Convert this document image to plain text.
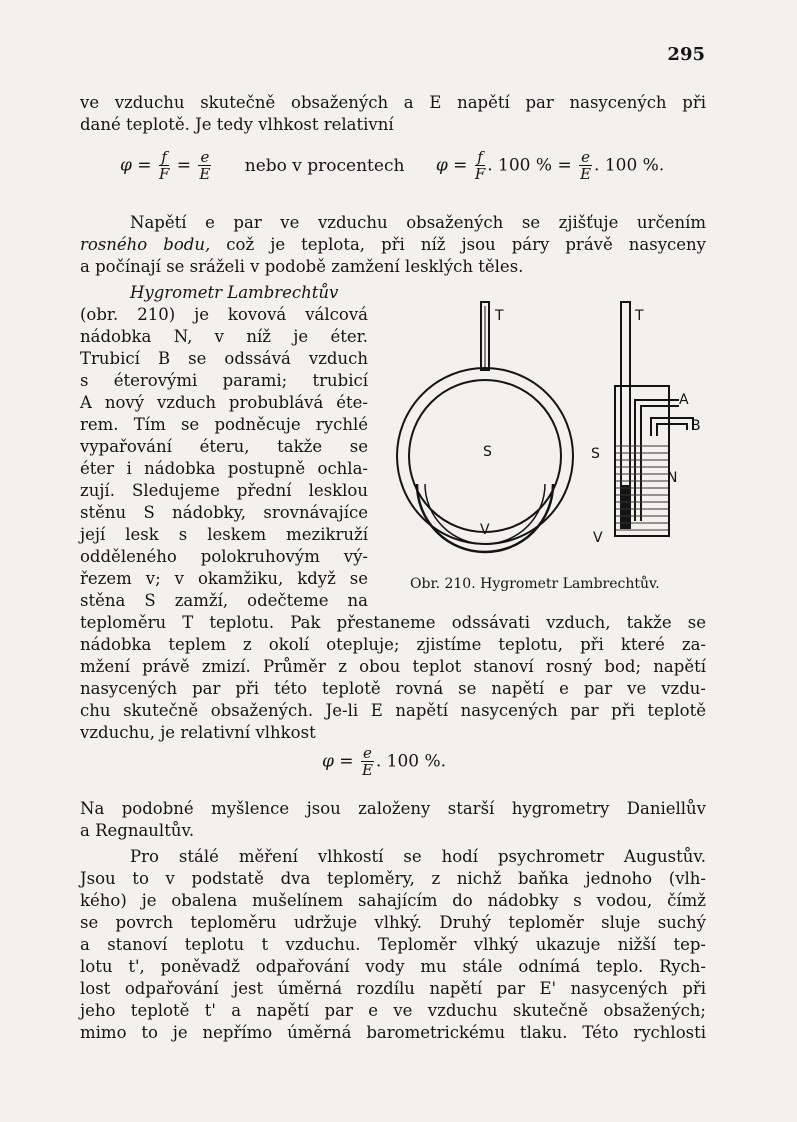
295
ve vzduchu skutečně obsažených a E napětí par nasycených při
dané teplotě. Je tedy vlhkost relativní
$\varphi = \frac{f}{F} = \frac{e}{E}$ nebo v procentech $\varphi = \frac{f}{F}$ . 100 % = $\frac{e}{E}$ . 100 %.
Napětí e par ve vzduchu obsažených se zjišťuje určením
rosného bodu, což je teplota, při níž jsou páry právě nasyceny
a počínají se sráželi v podobě zamžení lesklých těles.
Hygrometr Lambrechtův
(obr. 210) je kovová válcová
nádobka N, v níž je éter.
Trubicí B se odssává vzduch
s éterovými parami; trubicí
A nový vzduch probublává éte-
rem. Tím se podněcuje rychlé
vypařování éteru, takže se
éter i nádobka postupně ochla-
zují. Sledujeme přední lesklou
stěnu S nádobky, srovnávajíce
její lesk s leskem mezikruží
odděleného polokruhovým vý-
řezem v; v okamžiku, když se
stěna S zamží, odečteme na
T	T
S	S
V	V
A
B
N
Obr. 210. Hygrometr Lambrechtův.
teploměru T teplotu. Pak přestaneme odssávati vzduch, takže se
nádobka teplem z okolí otepluje; zjistíme teplotu, při které za-
mžení právě zmizí. Průměr z obou teplot stanoví rosný bod; napětí
nasycených par při této teplotě rovná se napětí e par ve vzdu-
chu skutečně obsažených. Je-li E napětí nasycených par při teplotě
vzduchu, je relativní vlhkost
$\varphi = \frac{e}{E}$ . 100 %.
Na podobné myšlence jsou založeny starší hygrometry Daniellův
a Regnaultův.
Pro stálé měření vlhkostí se hodí psychrometr Augustův.
Jsou to v podstatě dva teploměry, z nichž baňka jednoho (vlh-
kého) je obalena mušelínem sahajícím do nádobky s vodou, čímž
se povrch teploměru udržuje vlhký. Druhý teploměr sluje suchý
a stanoví teplotu t vzduchu. Teploměr vlhký ukazuje nižší tep-
lotu t', poněvadž odpařování vody mu stále odnímá teplo. Rych-
lost odpařování jest úměrná rozdílu napětí par E' nasycených při
jeho teplotě t' a napětí par e ve vzduchu skutečně obsažených;
mimo to je nepřímo úměrná barometrickému tlaku. Této rychlosti
